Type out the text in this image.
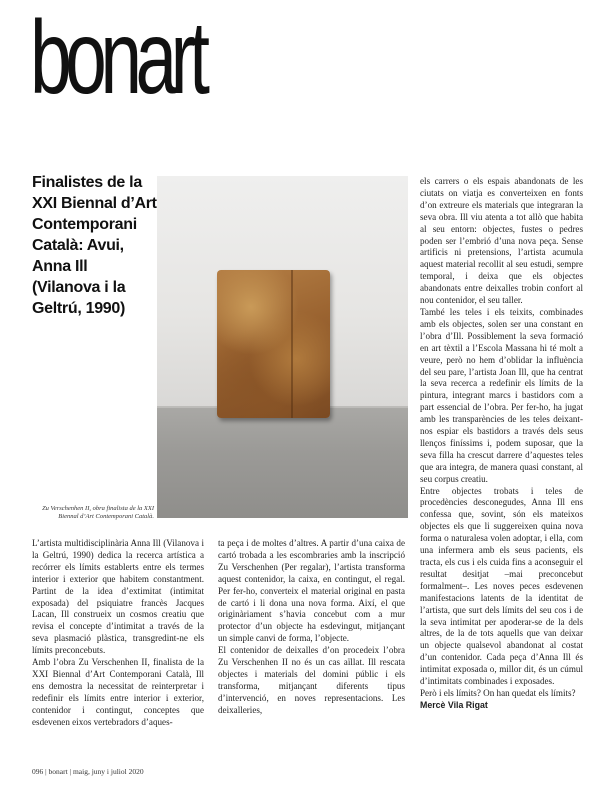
bonart
Finalistes de la XXI Biennal d’Art Contemporani Català: Avui, Anna Ill (Vilanova i la Geltrú, 1990)
Zu Verschenhen II, obra finalista de la XXI Biennal d’Art Contemporani Català.

L’artista multidisciplinària Anna Ill (Vilanova i la Geltrú, 1990) dedica la recerca artística a recórrer els límits establerts entre els termes interior i exterior que habitem constantment. Partint de la idea d’extimitat (intimitat exposada) del psiquiatre francès Jacques Lacan, Ill construeix un cosmos creatiu que revisa el concepte d’intimitat a través de la seva plasmació plàstica, transgredint-ne els límits preconcebuts.

Amb l’obra Zu Verschenhen II, finalista de la XXI Biennal d’Art Contemporani Català, Ill ens demostra la necessitat de reinterpretar i redefinir els límits entre interior i exterior, contenidor i contingut, conceptes que esdevenen eixos vertebradors d’aques-

ta peça i de moltes d’altres. A partir d’una caixa de cartó trobada a les escombraries amb la inscripció Zu Verschenhen (Per regalar), l’artista transforma aquest contenidor, la caixa, en contingut, el regal. Per fer-ho, converteix el material original en pasta de cartó i li dona una nova forma. Així, el que originàriament s’havia concebut com a mur protector d’un objecte ha esdevingut, mitjançant un simple canvi de forma, l’objecte.

El contenidor de deixalles d’on procedeix l’obra Zu Verschenhen II no és un cas aïllat. Ill rescata objectes i materials del domini públic i els transforma, mitjançant diferents tipus d’intervenció, en noves representacions. Les deixalleries,

els carrers o els espais abandonats de les ciutats on viatja es converteixen en fonts d’on extreure els materials que integraran la seva obra. Ill viu atenta a tot allò que habita al seu entorn: objectes, fustes o pedres poden ser l’embrió d’una nova peça. Sense artificis ni pretensions, l’artista acumula aquest material recollit al seu estudi, sempre temporal, i deixa que els objectes abandonats entre deixalles trobin confort al nou contenidor, el seu taller.

També les teles i els teixits, combinades amb els objectes, solen ser una constant en l’obra d’Ill. Possiblement la seva formació en art tèxtil a l’Escola Massana hi té molt a veure, però no hem d’oblidar la influència del seu pare, l’artista Joan Ill, que ha centrat la seva recerca a redefinir els límits de la pintura, integrant marcs i bastidors com a part essencial de l’obra. Per fer-ho, ha jugat amb les transparències de les teles deixant-nos espiar els bastidors a través dels seus llenços finíssims i, podem suposar, que la seva filla ha crescut darrere d’aquestes teles que ara integra, de manera quasi constant, al seu corpus creatiu.

Entre objectes trobats i teles de procedències desconegudes, Anna Ill ens confessa que, sovint, són els mateixos objectes els que li suggereixen quina nova forma o naturalesa volen adoptar, i ella, com una infermera amb els seus pacients, els tracta, els cus i els cuida fins a aconseguir el resultat desitjat –mai preconcebut formalment–. Les noves peces esdevenen manifestacions latents de la identitat de l’artista, que surt dels límits del seu cos i de la seva intimitat per apoderar-se de la dels altres, de la de tots aquells que van deixar un objecte qualsevol abandonat al costat d’un contenidor. Cada peça d’Anna Ill és intimitat exposada o, millor dit, és un cúmul d’intimitats combinades i exposades.

Però i els límits? On han quedat els límits?

Mercè Vila Rigat

096 | bonart | maig, juny i juliol 2020
